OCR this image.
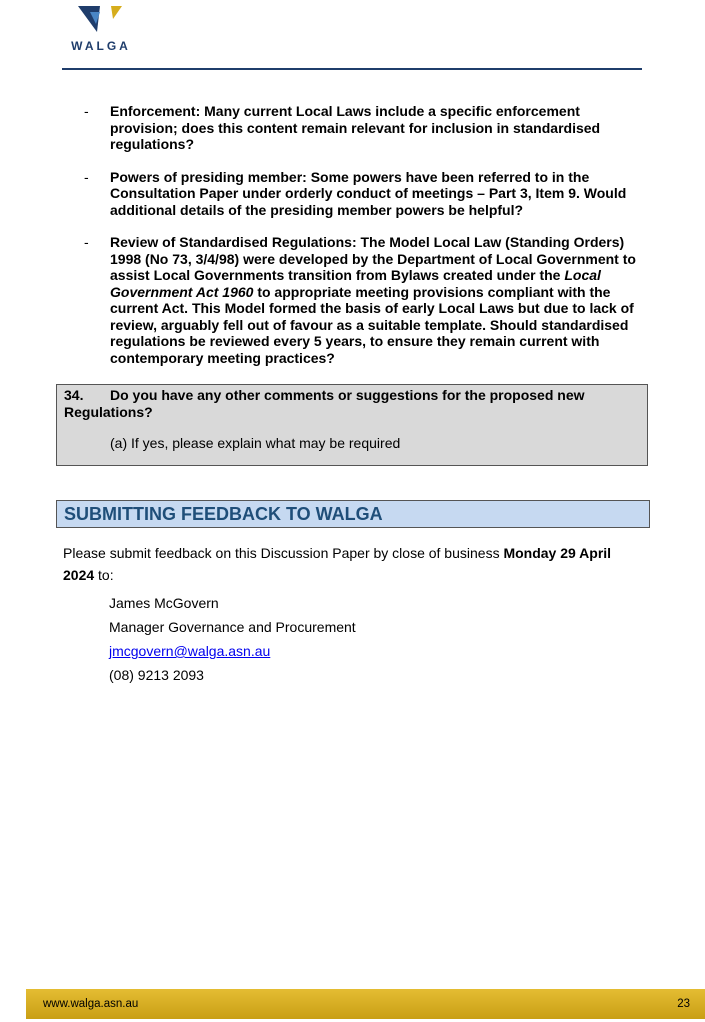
WALGA
- Enforcement: Many current Local Laws include a specific enforcement provision; does this content remain relevant for inclusion in standardised regulations?
- Powers of presiding member: Some powers have been referred to in the Consultation Paper under orderly conduct of meetings – Part 3, Item 9. Would additional details of the presiding member powers be helpful?
- Review of Standardised Regulations: The Model Local Law (Standing Orders) 1998 (No 73, 3/4/98) were developed by the Department of Local Government to assist Local Governments transition from Bylaws created under the Local Government Act 1960 to appropriate meeting provisions compliant with the current Act. This Model formed the basis of early Local Laws but due to lack of review, arguably fell out of favour as a suitable template. Should standardised regulations be reviewed every 5 years, to ensure they remain current with contemporary meeting practices?
34. Do you have any other comments or suggestions for the proposed new Regulations?
(a) If yes, please explain what may be required
SUBMITTING FEEDBACK TO WALGA
Please submit feedback on this Discussion Paper by close of business Monday 29 April 2024 to:
James McGovern
Manager Governance and Procurement
jmcgovern@walga.asn.au
(08) 9213 2093
www.walga.asn.au	23
